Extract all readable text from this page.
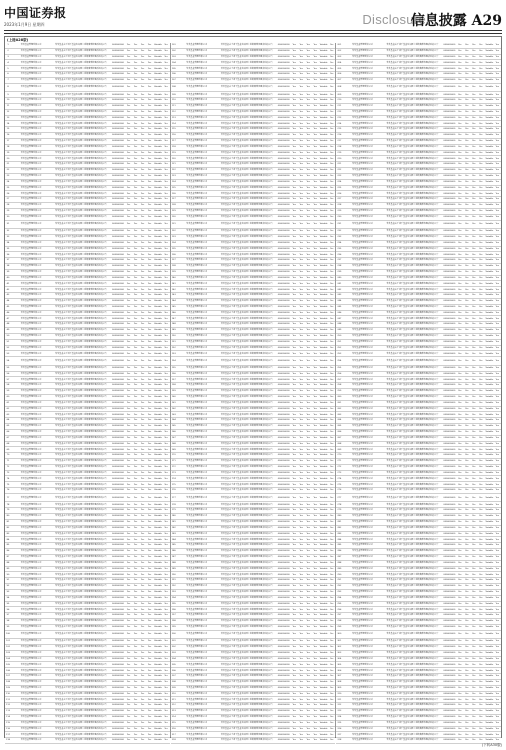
中国证券报
2023年1月9日 星期四	Disclosure
信息披露 A29
(上接A28版)
1	某某基金管理有限公司	某某基金关于旗下基金参加网上直销费率优惠活动的公告	000000000	Yes	Yes	Yes	Yes	Votable	Yes
2	某某基金管理有限公司	某某基金关于旗下基金参加网上直销费率优惠活动的公告	000000000	Yes	Yes	Yes	Yes	Votable	Yes
3	某某基金管理有限公司	某某基金关于旗下基金参加网上直销费率优惠活动的公告	000000000	Yes	Yes	Yes	Yes	Votable	Yes
4	某某基金管理有限公司	某某基金关于旗下基金参加网上直销费率优惠活动的公告	000000000	Yes	Yes	Yes	Yes	Votable	Yes
5	某某基金管理有限公司	某某基金关于旗下基金参加网上直销费率优惠活动的公告	000000000	Yes	Yes	Yes	Yes	Votable	Yes
6	某某基金管理有限公司	某某基金关于旗下基金参加网上直销费率优惠活动的公告	000000000	Yes	Yes	Yes	Yes	Votable	Yes
7	某某基金管理有限公司	某某基金关于旗下基金参加网上直销费率优惠活动的公告	000000000	Yes	Yes	Yes	Yes	Votable	Yes
8	某某基金管理有限公司	某某基金关于旗下基金参加网上直销费率优惠活动的公告	000000000	Yes	Yes	Yes	Yes	Votable	Yes
9	某某基金管理有限公司	某某基金关于旗下基金参加网上直销费率优惠活动的公告	000000000	Yes	Yes	Yes	Yes	Votable	Yes
10	某某基金管理有限公司	某某基金关于旗下基金参加网上直销费率优惠活动的公告	000000000	Yes	Yes	Yes	Yes	Votable	Yes
11	某某基金管理有限公司	某某基金关于旗下基金参加网上直销费率优惠活动的公告	000000000	Yes	Yes	Yes	Yes	Votable	Yes
12	某某基金管理有限公司	某某基金关于旗下基金参加网上直销费率优惠活动的公告	000000000	Yes	Yes	Yes	Yes	Votable	Yes
13	某某基金管理有限公司	某某基金关于旗下基金参加网上直销费率优惠活动的公告	000000000	Yes	Yes	Yes	Yes	Votable	Yes
14	某某基金管理有限公司	某某基金关于旗下基金参加网上直销费率优惠活动的公告	000000000	Yes	Yes	Yes	Yes	Votable	Yes
15	某某基金管理有限公司	某某基金关于旗下基金参加网上直销费率优惠活动的公告	000000000	Yes	Yes	Yes	Yes	Votable	Yes
16	某某基金管理有限公司	某某基金关于旗下基金参加网上直销费率优惠活动的公告	000000000	Yes	Yes	Yes	Yes	Votable	Yes
17	某某基金管理有限公司	某某基金关于旗下基金参加网上直销费率优惠活动的公告	000000000	Yes	Yes	Yes	Yes	Votable	Yes
18	某某基金管理有限公司	某某基金关于旗下基金参加网上直销费率优惠活动的公告	000000000	Yes	Yes	Yes	Yes	Votable	Yes
19	某某基金管理有限公司	某某基金关于旗下基金参加网上直销费率优惠活动的公告	000000000	Yes	Yes	Yes	Yes	Votable	Yes
20	某某基金管理有限公司	某某基金关于旗下基金参加网上直销费率优惠活动的公告	000000000	Yes	Yes	Yes	Yes	Votable	Yes
21	某某基金管理有限公司	某某基金关于旗下基金参加网上直销费率优惠活动的公告	000000000	Yes	Yes	Yes	Yes	Votable	Yes
22	某某基金管理有限公司	某某基金关于旗下基金参加网上直销费率优惠活动的公告	000000000	Yes	Yes	Yes	Yes	Votable	Yes
23	某某基金管理有限公司	某某基金关于旗下基金参加网上直销费率优惠活动的公告	000000000	Yes	Yes	Yes	Yes	Votable	Yes
24	某某基金管理有限公司	某某基金关于旗下基金参加网上直销费率优惠活动的公告	000000000	Yes	Yes	Yes	Yes	Votable	Yes
25	某某基金管理有限公司	某某基金关于旗下基金参加网上直销费率优惠活动的公告	000000000	Yes	Yes	Yes	Yes	Votable	Yes
26	某某基金管理有限公司	某某基金关于旗下基金参加网上直销费率优惠活动的公告	000000000	Yes	Yes	Yes	Yes	Votable	Yes
27	某某基金管理有限公司	某某基金关于旗下基金参加网上直销费率优惠活动的公告	000000000	Yes	Yes	Yes	Yes	Votable	Yes
28	某某基金管理有限公司	某某基金关于旗下基金参加网上直销费率优惠活动的公告	000000000	Yes	Yes	Yes	Yes	Votable	Yes
29	某某基金管理有限公司	某某基金关于旗下基金参加网上直销费率优惠活动的公告	000000000	Yes	Yes	Yes	Yes	Votable	Yes
30	某某基金管理有限公司	某某基金关于旗下基金参加网上直销费率优惠活动的公告	000000000	Yes	Yes	Yes	Yes	Votable	Yes
31	某某基金管理有限公司	某某基金关于旗下基金参加网上直销费率优惠活动的公告	000000000	Yes	Yes	Yes	Yes	Votable	Yes
32	某某基金管理有限公司	某某基金关于旗下基金参加网上直销费率优惠活动的公告	000000000	Yes	Yes	Yes	Yes	Votable	Yes
33	某某基金管理有限公司	某某基金关于旗下基金参加网上直销费率优惠活动的公告	000000000	Yes	Yes	Yes	Yes	Votable	Yes
34	某某基金管理有限公司	某某基金关于旗下基金参加网上直销费率优惠活动的公告	000000000	Yes	Yes	Yes	Yes	Votable	Yes
35	某某基金管理有限公司	某某基金关于旗下基金参加网上直销费率优惠活动的公告	000000000	Yes	Yes	Yes	Yes	Votable	Yes
36	某某基金管理有限公司	某某基金关于旗下基金参加网上直销费率优惠活动的公告	000000000	Yes	Yes	Yes	Yes	Votable	Yes
37	某某基金管理有限公司	某某基金关于旗下基金参加网上直销费率优惠活动的公告	000000000	Yes	Yes	Yes	Yes	Votable	Yes
38	某某基金管理有限公司	某某基金关于旗下基金参加网上直销费率优惠活动的公告	000000000	Yes	Yes	Yes	Yes	Votable	Yes
39	某某基金管理有限公司	某某基金关于旗下基金参加网上直销费率优惠活动的公告	000000000	Yes	Yes	Yes	Yes	Votable	Yes
40	某某基金管理有限公司	某某基金关于旗下基金参加网上直销费率优惠活动的公告	000000000	Yes	Yes	Yes	Yes	Votable	Yes
41	某某基金管理有限公司	某某基金关于旗下基金参加网上直销费率优惠活动的公告	000000000	Yes	Yes	Yes	Yes	Votable	Yes
42	某某基金管理有限公司	某某基金关于旗下基金参加网上直销费率优惠活动的公告	000000000	Yes	Yes	Yes	Yes	Votable	Yes
43	某某基金管理有限公司	某某基金关于旗下基金参加网上直销费率优惠活动的公告	000000000	Yes	Yes	Yes	Yes	Votable	Yes
44	某某基金管理有限公司	某某基金关于旗下基金参加网上直销费率优惠活动的公告	000000000	Yes	Yes	Yes	Yes	Votable	Yes
45	某某基金管理有限公司	某某基金关于旗下基金参加网上直销费率优惠活动的公告	000000000	Yes	Yes	Yes	Yes	Votable	Yes
46	某某基金管理有限公司	某某基金关于旗下基金参加网上直销费率优惠活动的公告	000000000	Yes	Yes	Yes	Yes	Votable	Yes
47	某某基金管理有限公司	某某基金关于旗下基金参加网上直销费率优惠活动的公告	000000000	Yes	Yes	Yes	Yes	Votable	Yes
48	某某基金管理有限公司	某某基金关于旗下基金参加网上直销费率优惠活动的公告	000000000	Yes	Yes	Yes	Yes	Votable	Yes
49	某某基金管理有限公司	某某基金关于旗下基金参加网上直销费率优惠活动的公告	000000000	Yes	Yes	Yes	Yes	Votable	Yes
50	某某基金管理有限公司	某某基金关于旗下基金参加网上直销费率优惠活动的公告	000000000	Yes	Yes	Yes	Yes	Votable	Yes
51	某某基金管理有限公司	某某基金关于旗下基金参加网上直销费率优惠活动的公告	000000000	Yes	Yes	Yes	Yes	Votable	Yes
52	某某基金管理有限公司	某某基金关于旗下基金参加网上直销费率优惠活动的公告	000000000	Yes	Yes	Yes	Yes	Votable	Yes
53	某某基金管理有限公司	某某基金关于旗下基金参加网上直销费率优惠活动的公告	000000000	Yes	Yes	Yes	Yes	Votable	Yes
54	某某基金管理有限公司	某某基金关于旗下基金参加网上直销费率优惠活动的公告	000000000	Yes	Yes	Yes	Yes	Votable	Yes
55	某某基金管理有限公司	某某基金关于旗下基金参加网上直销费率优惠活动的公告	000000000	Yes	Yes	Yes	Yes	Votable	Yes
56	某某基金管理有限公司	某某基金关于旗下基金参加网上直销费率优惠活动的公告	000000000	Yes	Yes	Yes	Yes	Votable	Yes
57	某某基金管理有限公司	某某基金关于旗下基金参加网上直销费率优惠活动的公告	000000000	Yes	Yes	Yes	Yes	Votable	Yes
58	某某基金管理有限公司	某某基金关于旗下基金参加网上直销费率优惠活动的公告	000000000	Yes	Yes	Yes	Yes	Votable	Yes
59	某某基金管理有限公司	某某基金关于旗下基金参加网上直销费率优惠活动的公告	000000000	Yes	Yes	Yes	Yes	Votable	Yes
60	某某基金管理有限公司	某某基金关于旗下基金参加网上直销费率优惠活动的公告	000000000	Yes	Yes	Yes	Yes	Votable	Yes
61	某某基金管理有限公司	某某基金关于旗下基金参加网上直销费率优惠活动的公告	000000000	Yes	Yes	Yes	Yes	Votable	Yes
62	某某基金管理有限公司	某某基金关于旗下基金参加网上直销费率优惠活动的公告	000000000	Yes	Yes	Yes	Yes	Votable	Yes
63	某某基金管理有限公司	某某基金关于旗下基金参加网上直销费率优惠活动的公告	000000000	Yes	Yes	Yes	Yes	Votable	Yes
64	某某基金管理有限公司	某某基金关于旗下基金参加网上直销费率优惠活动的公告	000000000	Yes	Yes	Yes	Yes	Votable	Yes
65	某某基金管理有限公司	某某基金关于旗下基金参加网上直销费率优惠活动的公告	000000000	Yes	Yes	Yes	Yes	Votable	Yes
66	某某基金管理有限公司	某某基金关于旗下基金参加网上直销费率优惠活动的公告	000000000	Yes	Yes	Yes	Yes	Votable	Yes
67	某某基金管理有限公司	某某基金关于旗下基金参加网上直销费率优惠活动的公告	000000000	Yes	Yes	Yes	Yes	Votable	Yes
68	某某基金管理有限公司	某某基金关于旗下基金参加网上直销费率优惠活动的公告	000000000	Yes	Yes	Yes	Yes	Votable	Yes
69	某某基金管理有限公司	某某基金关于旗下基金参加网上直销费率优惠活动的公告	000000000	Yes	Yes	Yes	Yes	Votable	Yes
70	某某基金管理有限公司	某某基金关于旗下基金参加网上直销费率优惠活动的公告	000000000	Yes	Yes	Yes	Yes	Votable	Yes
71	某某基金管理有限公司	某某基金关于旗下基金参加网上直销费率优惠活动的公告	000000000	Yes	Yes	Yes	Yes	Votable	Yes
72	某某基金管理有限公司	某某基金关于旗下基金参加网上直销费率优惠活动的公告	000000000	Yes	Yes	Yes	Yes	Votable	Yes
73	某某基金管理有限公司	某某基金关于旗下基金参加网上直销费率优惠活动的公告	000000000	Yes	Yes	Yes	Yes	Votable	Yes
74	某某基金管理有限公司	某某基金关于旗下基金参加网上直销费率优惠活动的公告	000000000	Yes	Yes	Yes	Yes	Votable	Yes
75	某某基金管理有限公司	某某基金关于旗下基金参加网上直销费率优惠活动的公告	000000000	Yes	Yes	Yes	Yes	Votable	Yes
76	某某基金管理有限公司	某某基金关于旗下基金参加网上直销费率优惠活动的公告	000000000	Yes	Yes	Yes	Yes	Votable	Yes
77	某某基金管理有限公司	某某基金关于旗下基金参加网上直销费率优惠活动的公告	000000000	Yes	Yes	Yes	Yes	Votable	Yes
78	某某基金管理有限公司	某某基金关于旗下基金参加网上直销费率优惠活动的公告	000000000	Yes	Yes	Yes	Yes	Votable	Yes
79	某某基金管理有限公司	某某基金关于旗下基金参加网上直销费率优惠活动的公告	000000000	Yes	Yes	Yes	Yes	Votable	Yes
80	某某基金管理有限公司	某某基金关于旗下基金参加网上直销费率优惠活动的公告	000000000	Yes	Yes	Yes	Yes	Votable	Yes
81	某某基金管理有限公司	某某基金关于旗下基金参加网上直销费率优惠活动的公告	000000000	Yes	Yes	Yes	Yes	Votable	Yes
82	某某基金管理有限公司	某某基金关于旗下基金参加网上直销费率优惠活动的公告	000000000	Yes	Yes	Yes	Yes	Votable	Yes
83	某某基金管理有限公司	某某基金关于旗下基金参加网上直销费率优惠活动的公告	000000000	Yes	Yes	Yes	Yes	Votable	Yes
84	某某基金管理有限公司	某某基金关于旗下基金参加网上直销费率优惠活动的公告	000000000	Yes	Yes	Yes	Yes	Votable	Yes
85	某某基金管理有限公司	某某基金关于旗下基金参加网上直销费率优惠活动的公告	000000000	Yes	Yes	Yes	Yes	Votable	Yes
86	某某基金管理有限公司	某某基金关于旗下基金参加网上直销费率优惠活动的公告	000000000	Yes	Yes	Yes	Yes	Votable	Yes
87	某某基金管理有限公司	某某基金关于旗下基金参加网上直销费率优惠活动的公告	000000000	Yes	Yes	Yes	Yes	Votable	Yes
88	某某基金管理有限公司	某某基金关于旗下基金参加网上直销费率优惠活动的公告	000000000	Yes	Yes	Yes	Yes	Votable	Yes
89	某某基金管理有限公司	某某基金关于旗下基金参加网上直销费率优惠活动的公告	000000000	Yes	Yes	Yes	Yes	Votable	Yes
90	某某基金管理有限公司	某某基金关于旗下基金参加网上直销费率优惠活动的公告	000000000	Yes	Yes	Yes	Yes	Votable	Yes
91	某某基金管理有限公司	某某基金关于旗下基金参加网上直销费率优惠活动的公告	000000000	Yes	Yes	Yes	Yes	Votable	Yes
92	某某基金管理有限公司	某某基金关于旗下基金参加网上直销费率优惠活动的公告	000000000	Yes	Yes	Yes	Yes	Votable	Yes
93	某某基金管理有限公司	某某基金关于旗下基金参加网上直销费率优惠活动的公告	000000000	Yes	Yes	Yes	Yes	Votable	Yes
94	某某基金管理有限公司	某某基金关于旗下基金参加网上直销费率优惠活动的公告	000000000	Yes	Yes	Yes	Yes	Votable	Yes
95	某某基金管理有限公司	某某基金关于旗下基金参加网上直销费率优惠活动的公告	000000000	Yes	Yes	Yes	Yes	Votable	Yes
96	某某基金管理有限公司	某某基金关于旗下基金参加网上直销费率优惠活动的公告	000000000	Yes	Yes	Yes	Yes	Votable	Yes
97	某某基金管理有限公司	某某基金关于旗下基金参加网上直销费率优惠活动的公告	000000000	Yes	Yes	Yes	Yes	Votable	Yes
98	某某基金管理有限公司	某某基金关于旗下基金参加网上直销费率优惠活动的公告	000000000	Yes	Yes	Yes	Yes	Votable	Yes
99	某某基金管理有限公司	某某基金关于旗下基金参加网上直销费率优惠活动的公告	000000000	Yes	Yes	Yes	Yes	Votable	Yes
100	某某基金管理有限公司	某某基金关于旗下基金参加网上直销费率优惠活动的公告	000000000	Yes	Yes	Yes	Yes	Votable	Yes
101	某某基金管理有限公司	某某基金关于旗下基金参加网上直销费率优惠活动的公告	000000000	Yes	Yes	Yes	Yes	Votable	Yes
102	某某基金管理有限公司	某某基金关于旗下基金参加网上直销费率优惠活动的公告	000000000	Yes	Yes	Yes	Yes	Votable	Yes
103	某某基金管理有限公司	某某基金关于旗下基金参加网上直销费率优惠活动的公告	000000000	Yes	Yes	Yes	Yes	Votable	Yes
104	某某基金管理有限公司	某某基金关于旗下基金参加网上直销费率优惠活动的公告	000000000	Yes	Yes	Yes	Yes	Votable	Yes
105	某某基金管理有限公司	某某基金关于旗下基金参加网上直销费率优惠活动的公告	000000000	Yes	Yes	Yes	Yes	Votable	Yes
106	某某基金管理有限公司	某某基金关于旗下基金参加网上直销费率优惠活动的公告	000000000	Yes	Yes	Yes	Yes	Votable	Yes
107	某某基金管理有限公司	某某基金关于旗下基金参加网上直销费率优惠活动的公告	000000000	Yes	Yes	Yes	Yes	Votable	Yes
108	某某基金管理有限公司	某某基金关于旗下基金参加网上直销费率优惠活动的公告	000000000	Yes	Yes	Yes	Yes	Votable	Yes
109	某某基金管理有限公司	某某基金关于旗下基金参加网上直销费率优惠活动的公告	000000000	Yes	Yes	Yes	Yes	Votable	Yes
110	某某基金管理有限公司	某某基金关于旗下基金参加网上直销费率优惠活动的公告	000000000	Yes	Yes	Yes	Yes	Votable	Yes
111	某某基金管理有限公司	某某基金关于旗下基金参加网上直销费率优惠活动的公告	000000000	Yes	Yes	Yes	Yes	Votable	Yes
112	某某基金管理有限公司	某某基金关于旗下基金参加网上直销费率优惠活动的公告	000000000	Yes	Yes	Yes	Yes	Votable	Yes
113	某某基金管理有限公司	某某基金关于旗下基金参加网上直销费率优惠活动的公告	000000000	Yes	Yes	Yes	Yes	Votable	Yes
114	某某基金管理有限公司	某某基金关于旗下基金参加网上直销费率优惠活动的公告	000000000	Yes	Yes	Yes	Yes	Votable	Yes
115	某某基金管理有限公司	某某基金关于旗下基金参加网上直销费率优惠活动的公告	000000000	Yes	Yes	Yes	Yes	Votable	Yes
116	某某基金管理有限公司	某某基金关于旗下基金参加网上直销费率优惠活动的公告	000000000	Yes	Yes	Yes	Yes	Votable	Yes
117	某某基金管理有限公司	某某基金关于旗下基金参加网上直销费率优惠活动的公告	000000000	Yes	Yes	Yes	Yes	Votable	Yes
118	某某基金管理有限公司	某某基金关于旗下基金参加网上直销费率优惠活动的公告	000000000	Yes	Yes	Yes	Yes	Votable	Yes
101	某某基金管理有限公司	某某基金关于旗下基金参加网上直销费率优惠活动的公告	000000000	Yes	Yes	Yes	Yes	Votable	Yes
102	某某基金管理有限公司	某某基金关于旗下基金参加网上直销费率优惠活动的公告	000000000	Yes	Yes	Yes	Yes	Votable	Yes
103	某某基金管理有限公司	某某基金关于旗下基金参加网上直销费率优惠活动的公告	000000000	Yes	Yes	Yes	Yes	Votable	Yes
104	某某基金管理有限公司	某某基金关于旗下基金参加网上直销费率优惠活动的公告	000000000	Yes	Yes	Yes	Yes	Votable	Yes
105	某某基金管理有限公司	某某基金关于旗下基金参加网上直销费率优惠活动的公告	000000000	Yes	Yes	Yes	Yes	Votable	Yes
106	某某基金管理有限公司	某某基金关于旗下基金参加网上直销费率优惠活动的公告	000000000	Yes	Yes	Yes	Yes	Votable	Yes
107	某某基金管理有限公司	某某基金关于旗下基金参加网上直销费率优惠活动的公告	000000000	Yes	Yes	Yes	Yes	Votable	Yes
108	某某基金管理有限公司	某某基金关于旗下基金参加网上直销费率优惠活动的公告	000000000	Yes	Yes	Yes	Yes	Votable	Yes
109	某某基金管理有限公司	某某基金关于旗下基金参加网上直销费率优惠活动的公告	000000000	Yes	Yes	Yes	Yes	Votable	Yes
110	某某基金管理有限公司	某某基金关于旗下基金参加网上直销费率优惠活动的公告	000000000	Yes	Yes	Yes	Yes	Votable	Yes
111	某某基金管理有限公司	某某基金关于旗下基金参加网上直销费率优惠活动的公告	000000000	Yes	Yes	Yes	Yes	Votable	Yes
112	某某基金管理有限公司	某某基金关于旗下基金参加网上直销费率优惠活动的公告	000000000	Yes	Yes	Yes	Yes	Votable	Yes
113	某某基金管理有限公司	某某基金关于旗下基金参加网上直销费率优惠活动的公告	000000000	Yes	Yes	Yes	Yes	Votable	Yes
114	某某基金管理有限公司	某某基金关于旗下基金参加网上直销费率优惠活动的公告	000000000	Yes	Yes	Yes	Yes	Votable	Yes
115	某某基金管理有限公司	某某基金关于旗下基金参加网上直销费率优惠活动的公告	000000000	Yes	Yes	Yes	Yes	Votable	Yes
116	某某基金管理有限公司	某某基金关于旗下基金参加网上直销费率优惠活动的公告	000000000	Yes	Yes	Yes	Yes	Votable	Yes
117	某某基金管理有限公司	某某基金关于旗下基金参加网上直销费率优惠活动的公告	000000000	Yes	Yes	Yes	Yes	Votable	Yes
118	某某基金管理有限公司	某某基金关于旗下基金参加网上直销费率优惠活动的公告	000000000	Yes	Yes	Yes	Yes	Votable	Yes
119	某某基金管理有限公司	某某基金关于旗下基金参加网上直销费率优惠活动的公告	000000000	Yes	Yes	Yes	Yes	Votable	Yes
120	某某基金管理有限公司	某某基金关于旗下基金参加网上直销费率优惠活动的公告	000000000	Yes	Yes	Yes	Yes	Votable	Yes
121	某某基金管理有限公司	某某基金关于旗下基金参加网上直销费率优惠活动的公告	000000000	Yes	Yes	Yes	Yes	Votable	Yes
122	某某基金管理有限公司	某某基金关于旗下基金参加网上直销费率优惠活动的公告	000000000	Yes	Yes	Yes	Yes	Votable	Yes
123	某某基金管理有限公司	某某基金关于旗下基金参加网上直销费率优惠活动的公告	000000000	Yes	Yes	Yes	Yes	Votable	Yes
124	某某基金管理有限公司	某某基金关于旗下基金参加网上直销费率优惠活动的公告	000000000	Yes	Yes	Yes	Yes	Votable	Yes
125	某某基金管理有限公司	某某基金关于旗下基金参加网上直销费率优惠活动的公告	000000000	Yes	Yes	Yes	Yes	Votable	Yes
126	某某基金管理有限公司	某某基金关于旗下基金参加网上直销费率优惠活动的公告	000000000	Yes	Yes	Yes	Yes	Votable	Yes
127	某某基金管理有限公司	某某基金关于旗下基金参加网上直销费率优惠活动的公告	000000000	Yes	Yes	Yes	Yes	Votable	Yes
128	某某基金管理有限公司	某某基金关于旗下基金参加网上直销费率优惠活动的公告	000000000	Yes	Yes	Yes	Yes	Votable	Yes
129	某某基金管理有限公司	某某基金关于旗下基金参加网上直销费率优惠活动的公告	000000000	Yes	Yes	Yes	Yes	Votable	Yes
130	某某基金管理有限公司	某某基金关于旗下基金参加网上直销费率优惠活动的公告	000000000	Yes	Yes	Yes	Yes	Votable	Yes
131	某某基金管理有限公司	某某基金关于旗下基金参加网上直销费率优惠活动的公告	000000000	Yes	Yes	Yes	Yes	Votable	Yes
132	某某基金管理有限公司	某某基金关于旗下基金参加网上直销费率优惠活动的公告	000000000	Yes	Yes	Yes	Yes	Votable	Yes
133	某某基金管理有限公司	某某基金关于旗下基金参加网上直销费率优惠活动的公告	000000000	Yes	Yes	Yes	Yes	Votable	Yes
134	某某基金管理有限公司	某某基金关于旗下基金参加网上直销费率优惠活动的公告	000000000	Yes	Yes	Yes	Yes	Votable	Yes
135	某某基金管理有限公司	某某基金关于旗下基金参加网上直销费率优惠活动的公告	000000000	Yes	Yes	Yes	Yes	Votable	Yes
136	某某基金管理有限公司	某某基金关于旗下基金参加网上直销费率优惠活动的公告	000000000	Yes	Yes	Yes	Yes	Votable	Yes
137	某某基金管理有限公司	某某基金关于旗下基金参加网上直销费率优惠活动的公告	000000000	Yes	Yes	Yes	Yes	Votable	Yes
138	某某基金管理有限公司	某某基金关于旗下基金参加网上直销费率优惠活动的公告	000000000	Yes	Yes	Yes	Yes	Votable	Yes
139	某某基金管理有限公司	某某基金关于旗下基金参加网上直销费率优惠活动的公告	000000000	Yes	Yes	Yes	Yes	Votable	Yes
140	某某基金管理有限公司	某某基金关于旗下基金参加网上直销费率优惠活动的公告	000000000	Yes	Yes	Yes	Yes	Votable	Yes
141	某某基金管理有限公司	某某基金关于旗下基金参加网上直销费率优惠活动的公告	000000000	Yes	Yes	Yes	Yes	Votable	Yes
142	某某基金管理有限公司	某某基金关于旗下基金参加网上直销费率优惠活动的公告	000000000	Yes	Yes	Yes	Yes	Votable	Yes
143	某某基金管理有限公司	某某基金关于旗下基金参加网上直销费率优惠活动的公告	000000000	Yes	Yes	Yes	Yes	Votable	Yes
144	某某基金管理有限公司	某某基金关于旗下基金参加网上直销费率优惠活动的公告	000000000	Yes	Yes	Yes	Yes	Votable	Yes
145	某某基金管理有限公司	某某基金关于旗下基金参加网上直销费率优惠活动的公告	000000000	Yes	Yes	Yes	Yes	Votable	Yes
146	某某基金管理有限公司	某某基金关于旗下基金参加网上直销费率优惠活动的公告	000000000	Yes	Yes	Yes	Yes	Votable	Yes
147	某某基金管理有限公司	某某基金关于旗下基金参加网上直销费率优惠活动的公告	000000000	Yes	Yes	Yes	Yes	Votable	Yes
148	某某基金管理有限公司	某某基金关于旗下基金参加网上直销费率优惠活动的公告	000000000	Yes	Yes	Yes	Yes	Votable	Yes
149	某某基金管理有限公司	某某基金关于旗下基金参加网上直销费率优惠活动的公告	000000000	Yes	Yes	Yes	Yes	Votable	Yes
150	某某基金管理有限公司	某某基金关于旗下基金参加网上直销费率优惠活动的公告	000000000	Yes	Yes	Yes	Yes	Votable	Yes
151	某某基金管理有限公司	某某基金关于旗下基金参加网上直销费率优惠活动的公告	000000000	Yes	Yes	Yes	Yes	Votable	Yes
152	某某基金管理有限公司	某某基金关于旗下基金参加网上直销费率优惠活动的公告	000000000	Yes	Yes	Yes	Yes	Votable	Yes
153	某某基金管理有限公司	某某基金关于旗下基金参加网上直销费率优惠活动的公告	000000000	Yes	Yes	Yes	Yes	Votable	Yes
154	某某基金管理有限公司	某某基金关于旗下基金参加网上直销费率优惠活动的公告	000000000	Yes	Yes	Yes	Yes	Votable	Yes
155	某某基金管理有限公司	某某基金关于旗下基金参加网上直销费率优惠活动的公告	000000000	Yes	Yes	Yes	Yes	Votable	Yes
156	某某基金管理有限公司	某某基金关于旗下基金参加网上直销费率优惠活动的公告	000000000	Yes	Yes	Yes	Yes	Votable	Yes
157	某某基金管理有限公司	某某基金关于旗下基金参加网上直销费率优惠活动的公告	000000000	Yes	Yes	Yes	Yes	Votable	Yes
158	某某基金管理有限公司	某某基金关于旗下基金参加网上直销费率优惠活动的公告	000000000	Yes	Yes	Yes	Yes	Votable	Yes
159	某某基金管理有限公司	某某基金关于旗下基金参加网上直销费率优惠活动的公告	000000000	Yes	Yes	Yes	Yes	Votable	Yes
160	某某基金管理有限公司	某某基金关于旗下基金参加网上直销费率优惠活动的公告	000000000	Yes	Yes	Yes	Yes	Votable	Yes
161	某某基金管理有限公司	某某基金关于旗下基金参加网上直销费率优惠活动的公告	000000000	Yes	Yes	Yes	Yes	Votable	Yes
162	某某基金管理有限公司	某某基金关于旗下基金参加网上直销费率优惠活动的公告	000000000	Yes	Yes	Yes	Yes	Votable	Yes
163	某某基金管理有限公司	某某基金关于旗下基金参加网上直销费率优惠活动的公告	000000000	Yes	Yes	Yes	Yes	Votable	Yes
164	某某基金管理有限公司	某某基金关于旗下基金参加网上直销费率优惠活动的公告	000000000	Yes	Yes	Yes	Yes	Votable	Yes
165	某某基金管理有限公司	某某基金关于旗下基金参加网上直销费率优惠活动的公告	000000000	Yes	Yes	Yes	Yes	Votable	Yes
166	某某基金管理有限公司	某某基金关于旗下基金参加网上直销费率优惠活动的公告	000000000	Yes	Yes	Yes	Yes	Votable	Yes
167	某某基金管理有限公司	某某基金关于旗下基金参加网上直销费率优惠活动的公告	000000000	Yes	Yes	Yes	Yes	Votable	Yes
168	某某基金管理有限公司	某某基金关于旗下基金参加网上直销费率优惠活动的公告	000000000	Yes	Yes	Yes	Yes	Votable	Yes
169	某某基金管理有限公司	某某基金关于旗下基金参加网上直销费率优惠活动的公告	000000000	Yes	Yes	Yes	Yes	Votable	Yes
170	某某基金管理有限公司	某某基金关于旗下基金参加网上直销费率优惠活动的公告	000000000	Yes	Yes	Yes	Yes	Votable	Yes
171	某某基金管理有限公司	某某基金关于旗下基金参加网上直销费率优惠活动的公告	000000000	Yes	Yes	Yes	Yes	Votable	Yes
172	某某基金管理有限公司	某某基金关于旗下基金参加网上直销费率优惠活动的公告	000000000	Yes	Yes	Yes	Yes	Votable	Yes
173	某某基金管理有限公司	某某基金关于旗下基金参加网上直销费率优惠活动的公告	000000000	Yes	Yes	Yes	Yes	Votable	Yes
174	某某基金管理有限公司	某某基金关于旗下基金参加网上直销费率优惠活动的公告	000000000	Yes	Yes	Yes	Yes	Votable	Yes
175	某某基金管理有限公司	某某基金关于旗下基金参加网上直销费率优惠活动的公告	000000000	Yes	Yes	Yes	Yes	Votable	Yes
176	某某基金管理有限公司	某某基金关于旗下基金参加网上直销费率优惠活动的公告	000000000	Yes	Yes	Yes	Yes	Votable	Yes
177	某某基金管理有限公司	某某基金关于旗下基金参加网上直销费率优惠活动的公告	000000000	Yes	Yes	Yes	Yes	Votable	Yes
178	某某基金管理有限公司	某某基金关于旗下基金参加网上直销费率优惠活动的公告	000000000	Yes	Yes	Yes	Yes	Votable	Yes
179	某某基金管理有限公司	某某基金关于旗下基金参加网上直销费率优惠活动的公告	000000000	Yes	Yes	Yes	Yes	Votable	Yes
180	某某基金管理有限公司	某某基金关于旗下基金参加网上直销费率优惠活动的公告	000000000	Yes	Yes	Yes	Yes	Votable	Yes
181	某某基金管理有限公司	某某基金关于旗下基金参加网上直销费率优惠活动的公告	000000000	Yes	Yes	Yes	Yes	Votable	Yes
182	某某基金管理有限公司	某某基金关于旗下基金参加网上直销费率优惠活动的公告	000000000	Yes	Yes	Yes	Yes	Votable	Yes
183	某某基金管理有限公司	某某基金关于旗下基金参加网上直销费率优惠活动的公告	000000000	Yes	Yes	Yes	Yes	Votable	Yes
184	某某基金管理有限公司	某某基金关于旗下基金参加网上直销费率优惠活动的公告	000000000	Yes	Yes	Yes	Yes	Votable	Yes
185	某某基金管理有限公司	某某基金关于旗下基金参加网上直销费率优惠活动的公告	000000000	Yes	Yes	Yes	Yes	Votable	Yes
186	某某基金管理有限公司	某某基金关于旗下基金参加网上直销费率优惠活动的公告	000000000	Yes	Yes	Yes	Yes	Votable	Yes
187	某某基金管理有限公司	某某基金关于旗下基金参加网上直销费率优惠活动的公告	000000000	Yes	Yes	Yes	Yes	Votable	Yes
188	某某基金管理有限公司	某某基金关于旗下基金参加网上直销费率优惠活动的公告	000000000	Yes	Yes	Yes	Yes	Votable	Yes
189	某某基金管理有限公司	某某基金关于旗下基金参加网上直销费率优惠活动的公告	000000000	Yes	Yes	Yes	Yes	Votable	Yes
190	某某基金管理有限公司	某某基金关于旗下基金参加网上直销费率优惠活动的公告	000000000	Yes	Yes	Yes	Yes	Votable	Yes
191	某某基金管理有限公司	某某基金关于旗下基金参加网上直销费率优惠活动的公告	000000000	Yes	Yes	Yes	Yes	Votable	Yes
192	某某基金管理有限公司	某某基金关于旗下基金参加网上直销费率优惠活动的公告	000000000	Yes	Yes	Yes	Yes	Votable	Yes
193	某某基金管理有限公司	某某基金关于旗下基金参加网上直销费率优惠活动的公告	000000000	Yes	Yes	Yes	Yes	Votable	Yes
194	某某基金管理有限公司	某某基金关于旗下基金参加网上直销费率优惠活动的公告	000000000	Yes	Yes	Yes	Yes	Votable	Yes
195	某某基金管理有限公司	某某基金关于旗下基金参加网上直销费率优惠活动的公告	000000000	Yes	Yes	Yes	Yes	Votable	Yes
196	某某基金管理有限公司	某某基金关于旗下基金参加网上直销费率优惠活动的公告	000000000	Yes	Yes	Yes	Yes	Votable	Yes
197	某某基金管理有限公司	某某基金关于旗下基金参加网上直销费率优惠活动的公告	000000000	Yes	Yes	Yes	Yes	Votable	Yes
198	某某基金管理有限公司	某某基金关于旗下基金参加网上直销费率优惠活动的公告	000000000	Yes	Yes	Yes	Yes	Votable	Yes
199	某某基金管理有限公司	某某基金关于旗下基金参加网上直销费率优惠活动的公告	000000000	Yes	Yes	Yes	Yes	Votable	Yes
200	某某基金管理有限公司	某某基金关于旗下基金参加网上直销费率优惠活动的公告	000000000	Yes	Yes	Yes	Yes	Votable	Yes
201	某某基金管理有限公司	某某基金关于旗下基金参加网上直销费率优惠活动的公告	000000000	Yes	Yes	Yes	Yes	Votable	Yes
202	某某基金管理有限公司	某某基金关于旗下基金参加网上直销费率优惠活动的公告	000000000	Yes	Yes	Yes	Yes	Votable	Yes
203	某某基金管理有限公司	某某基金关于旗下基金参加网上直销费率优惠活动的公告	000000000	Yes	Yes	Yes	Yes	Votable	Yes
204	某某基金管理有限公司	某某基金关于旗下基金参加网上直销费率优惠活动的公告	000000000	Yes	Yes	Yes	Yes	Votable	Yes
205	某某基金管理有限公司	某某基金关于旗下基金参加网上直销费率优惠活动的公告	000000000	Yes	Yes	Yes	Yes	Votable	Yes
206	某某基金管理有限公司	某某基金关于旗下基金参加网上直销费率优惠活动的公告	000000000	Yes	Yes	Yes	Yes	Votable	Yes
207	某某基金管理有限公司	某某基金关于旗下基金参加网上直销费率优惠活动的公告	000000000	Yes	Yes	Yes	Yes	Votable	Yes
208	某某基金管理有限公司	某某基金关于旗下基金参加网上直销费率优惠活动的公告	000000000	Yes	Yes	Yes	Yes	Votable	Yes
209	某某基金管理有限公司	某某基金关于旗下基金参加网上直销费率优惠活动的公告	000000000	Yes	Yes	Yes	Yes	Votable	Yes
210	某某基金管理有限公司	某某基金关于旗下基金参加网上直销费率优惠活动的公告	000000000	Yes	Yes	Yes	Yes	Votable	Yes
211	某某基金管理有限公司	某某基金关于旗下基金参加网上直销费率优惠活动的公告	000000000	Yes	Yes	Yes	Yes	Votable	Yes
212	某某基金管理有限公司	某某基金关于旗下基金参加网上直销费率优惠活动的公告	000000000	Yes	Yes	Yes	Yes	Votable	Yes
213	某某基金管理有限公司	某某基金关于旗下基金参加网上直销费率优惠活动的公告	000000000	Yes	Yes	Yes	Yes	Votable	Yes
214	某某基金管理有限公司	某某基金关于旗下基金参加网上直销费率优惠活动的公告	000000000	Yes	Yes	Yes	Yes	Votable	Yes
215	某某基金管理有限公司	某某基金关于旗下基金参加网上直销费率优惠活动的公告	000000000	Yes	Yes	Yes	Yes	Votable	Yes
216	某某基金管理有限公司	某某基金关于旗下基金参加网上直销费率优惠活动的公告	000000000	Yes	Yes	Yes	Yes	Votable	Yes
217	某某基金管理有限公司	某某基金关于旗下基金参加网上直销费率优惠活动的公告	000000000	Yes	Yes	Yes	Yes	Votable	Yes
218	某某基金管理有限公司	某某基金关于旗下基金参加网上直销费率优惠活动的公告	000000000	Yes	Yes	Yes	Yes	Votable	Yes
201	某某基金管理有限公司	某某基金关于旗下基金参加网上直销费率优惠活动的公告	000000000	Yes	Yes	Yes	Yes	Votable	Yes
202	某某基金管理有限公司	某某基金关于旗下基金参加网上直销费率优惠活动的公告	000000000	Yes	Yes	Yes	Yes	Votable	Yes
203	某某基金管理有限公司	某某基金关于旗下基金参加网上直销费率优惠活动的公告	000000000	Yes	Yes	Yes	Yes	Votable	Yes
204	某某基金管理有限公司	某某基金关于旗下基金参加网上直销费率优惠活动的公告	000000000	Yes	Yes	Yes	Yes	Votable	Yes
205	某某基金管理有限公司	某某基金关于旗下基金参加网上直销费率优惠活动的公告	000000000	Yes	Yes	Yes	Yes	Votable	Yes
206	某某基金管理有限公司	某某基金关于旗下基金参加网上直销费率优惠活动的公告	000000000	Yes	Yes	Yes	Yes	Votable	Yes
207	某某基金管理有限公司	某某基金关于旗下基金参加网上直销费率优惠活动的公告	000000000	Yes	Yes	Yes	Yes	Votable	Yes
208	某某基金管理有限公司	某某基金关于旗下基金参加网上直销费率优惠活动的公告	000000000	Yes	Yes	Yes	Yes	Votable	Yes
209	某某基金管理有限公司	某某基金关于旗下基金参加网上直销费率优惠活动的公告	000000000	Yes	Yes	Yes	Yes	Votable	Yes
210	某某基金管理有限公司	某某基金关于旗下基金参加网上直销费率优惠活动的公告	000000000	Yes	Yes	Yes	Yes	Votable	Yes
211	某某基金管理有限公司	某某基金关于旗下基金参加网上直销费率优惠活动的公告	000000000	Yes	Yes	Yes	Yes	Votable	Yes
212	某某基金管理有限公司	某某基金关于旗下基金参加网上直销费率优惠活动的公告	000000000	Yes	Yes	Yes	Yes	Votable	Yes
213	某某基金管理有限公司	某某基金关于旗下基金参加网上直销费率优惠活动的公告	000000000	Yes	Yes	Yes	Yes	Votable	Yes
214	某某基金管理有限公司	某某基金关于旗下基金参加网上直销费率优惠活动的公告	000000000	Yes	Yes	Yes	Yes	Votable	Yes
215	某某基金管理有限公司	某某基金关于旗下基金参加网上直销费率优惠活动的公告	000000000	Yes	Yes	Yes	Yes	Votable	Yes
216	某某基金管理有限公司	某某基金关于旗下基金参加网上直销费率优惠活动的公告	000000000	Yes	Yes	Yes	Yes	Votable	Yes
217	某某基金管理有限公司	某某基金关于旗下基金参加网上直销费率优惠活动的公告	000000000	Yes	Yes	Yes	Yes	Votable	Yes
218	某某基金管理有限公司	某某基金关于旗下基金参加网上直销费率优惠活动的公告	000000000	Yes	Yes	Yes	Yes	Votable	Yes
219	某某基金管理有限公司	某某基金关于旗下基金参加网上直销费率优惠活动的公告	000000000	Yes	Yes	Yes	Yes	Votable	Yes
220	某某基金管理有限公司	某某基金关于旗下基金参加网上直销费率优惠活动的公告	000000000	Yes	Yes	Yes	Yes	Votable	Yes
221	某某基金管理有限公司	某某基金关于旗下基金参加网上直销费率优惠活动的公告	000000000	Yes	Yes	Yes	Yes	Votable	Yes
222	某某基金管理有限公司	某某基金关于旗下基金参加网上直销费率优惠活动的公告	000000000	Yes	Yes	Yes	Yes	Votable	Yes
223	某某基金管理有限公司	某某基金关于旗下基金参加网上直销费率优惠活动的公告	000000000	Yes	Yes	Yes	Yes	Votable	Yes
224	某某基金管理有限公司	某某基金关于旗下基金参加网上直销费率优惠活动的公告	000000000	Yes	Yes	Yes	Yes	Votable	Yes
225	某某基金管理有限公司	某某基金关于旗下基金参加网上直销费率优惠活动的公告	000000000	Yes	Yes	Yes	Yes	Votable	Yes
226	某某基金管理有限公司	某某基金关于旗下基金参加网上直销费率优惠活动的公告	000000000	Yes	Yes	Yes	Yes	Votable	Yes
227	某某基金管理有限公司	某某基金关于旗下基金参加网上直销费率优惠活动的公告	000000000	Yes	Yes	Yes	Yes	Votable	Yes
228	某某基金管理有限公司	某某基金关于旗下基金参加网上直销费率优惠活动的公告	000000000	Yes	Yes	Yes	Yes	Votable	Yes
229	某某基金管理有限公司	某某基金关于旗下基金参加网上直销费率优惠活动的公告	000000000	Yes	Yes	Yes	Yes	Votable	Yes
230	某某基金管理有限公司	某某基金关于旗下基金参加网上直销费率优惠活动的公告	000000000	Yes	Yes	Yes	Yes	Votable	Yes
231	某某基金管理有限公司	某某基金关于旗下基金参加网上直销费率优惠活动的公告	000000000	Yes	Yes	Yes	Yes	Votable	Yes
232	某某基金管理有限公司	某某基金关于旗下基金参加网上直销费率优惠活动的公告	000000000	Yes	Yes	Yes	Yes	Votable	Yes
233	某某基金管理有限公司	某某基金关于旗下基金参加网上直销费率优惠活动的公告	000000000	Yes	Yes	Yes	Yes	Votable	Yes
234	某某基金管理有限公司	某某基金关于旗下基金参加网上直销费率优惠活动的公告	000000000	Yes	Yes	Yes	Yes	Votable	Yes
235	某某基金管理有限公司	某某基金关于旗下基金参加网上直销费率优惠活动的公告	000000000	Yes	Yes	Yes	Yes	Votable	Yes
236	某某基金管理有限公司	某某基金关于旗下基金参加网上直销费率优惠活动的公告	000000000	Yes	Yes	Yes	Yes	Votable	Yes
237	某某基金管理有限公司	某某基金关于旗下基金参加网上直销费率优惠活动的公告	000000000	Yes	Yes	Yes	Yes	Votable	Yes
238	某某基金管理有限公司	某某基金关于旗下基金参加网上直销费率优惠活动的公告	000000000	Yes	Yes	Yes	Yes	Votable	Yes
239	某某基金管理有限公司	某某基金关于旗下基金参加网上直销费率优惠活动的公告	000000000	Yes	Yes	Yes	Yes	Votable	Yes
240	某某基金管理有限公司	某某基金关于旗下基金参加网上直销费率优惠活动的公告	000000000	Yes	Yes	Yes	Yes	Votable	Yes
241	某某基金管理有限公司	某某基金关于旗下基金参加网上直销费率优惠活动的公告	000000000	Yes	Yes	Yes	Yes	Votable	Yes
242	某某基金管理有限公司	某某基金关于旗下基金参加网上直销费率优惠活动的公告	000000000	Yes	Yes	Yes	Yes	Votable	Yes
243	某某基金管理有限公司	某某基金关于旗下基金参加网上直销费率优惠活动的公告	000000000	Yes	Yes	Yes	Yes	Votable	Yes
244	某某基金管理有限公司	某某基金关于旗下基金参加网上直销费率优惠活动的公告	000000000	Yes	Yes	Yes	Yes	Votable	Yes
245	某某基金管理有限公司	某某基金关于旗下基金参加网上直销费率优惠活动的公告	000000000	Yes	Yes	Yes	Yes	Votable	Yes
246	某某基金管理有限公司	某某基金关于旗下基金参加网上直销费率优惠活动的公告	000000000	Yes	Yes	Yes	Yes	Votable	Yes
247	某某基金管理有限公司	某某基金关于旗下基金参加网上直销费率优惠活动的公告	000000000	Yes	Yes	Yes	Yes	Votable	Yes
248	某某基金管理有限公司	某某基金关于旗下基金参加网上直销费率优惠活动的公告	000000000	Yes	Yes	Yes	Yes	Votable	Yes
249	某某基金管理有限公司	某某基金关于旗下基金参加网上直销费率优惠活动的公告	000000000	Yes	Yes	Yes	Yes	Votable	Yes
250	某某基金管理有限公司	某某基金关于旗下基金参加网上直销费率优惠活动的公告	000000000	Yes	Yes	Yes	Yes	Votable	Yes
251	某某基金管理有限公司	某某基金关于旗下基金参加网上直销费率优惠活动的公告	000000000	Yes	Yes	Yes	Yes	Votable	Yes
252	某某基金管理有限公司	某某基金关于旗下基金参加网上直销费率优惠活动的公告	000000000	Yes	Yes	Yes	Yes	Votable	Yes
253	某某基金管理有限公司	某某基金关于旗下基金参加网上直销费率优惠活动的公告	000000000	Yes	Yes	Yes	Yes	Votable	Yes
254	某某基金管理有限公司	某某基金关于旗下基金参加网上直销费率优惠活动的公告	000000000	Yes	Yes	Yes	Yes	Votable	Yes
255	某某基金管理有限公司	某某基金关于旗下基金参加网上直销费率优惠活动的公告	000000000	Yes	Yes	Yes	Yes	Votable	Yes
256	某某基金管理有限公司	某某基金关于旗下基金参加网上直销费率优惠活动的公告	000000000	Yes	Yes	Yes	Yes	Votable	Yes
257	某某基金管理有限公司	某某基金关于旗下基金参加网上直销费率优惠活动的公告	000000000	Yes	Yes	Yes	Yes	Votable	Yes
258	某某基金管理有限公司	某某基金关于旗下基金参加网上直销费率优惠活动的公告	000000000	Yes	Yes	Yes	Yes	Votable	Yes
259	某某基金管理有限公司	某某基金关于旗下基金参加网上直销费率优惠活动的公告	000000000	Yes	Yes	Yes	Yes	Votable	Yes
260	某某基金管理有限公司	某某基金关于旗下基金参加网上直销费率优惠活动的公告	000000000	Yes	Yes	Yes	Yes	Votable	Yes
261	某某基金管理有限公司	某某基金关于旗下基金参加网上直销费率优惠活动的公告	000000000	Yes	Yes	Yes	Yes	Votable	Yes
262	某某基金管理有限公司	某某基金关于旗下基金参加网上直销费率优惠活动的公告	000000000	Yes	Yes	Yes	Yes	Votable	Yes
263	某某基金管理有限公司	某某基金关于旗下基金参加网上直销费率优惠活动的公告	000000000	Yes	Yes	Yes	Yes	Votable	Yes
264	某某基金管理有限公司	某某基金关于旗下基金参加网上直销费率优惠活动的公告	000000000	Yes	Yes	Yes	Yes	Votable	Yes
265	某某基金管理有限公司	某某基金关于旗下基金参加网上直销费率优惠活动的公告	000000000	Yes	Yes	Yes	Yes	Votable	Yes
266	某某基金管理有限公司	某某基金关于旗下基金参加网上直销费率优惠活动的公告	000000000	Yes	Yes	Yes	Yes	Votable	Yes
267	某某基金管理有限公司	某某基金关于旗下基金参加网上直销费率优惠活动的公告	000000000	Yes	Yes	Yes	Yes	Votable	Yes
268	某某基金管理有限公司	某某基金关于旗下基金参加网上直销费率优惠活动的公告	000000000	Yes	Yes	Yes	Yes	Votable	Yes
269	某某基金管理有限公司	某某基金关于旗下基金参加网上直销费率优惠活动的公告	000000000	Yes	Yes	Yes	Yes	Votable	Yes
270	某某基金管理有限公司	某某基金关于旗下基金参加网上直销费率优惠活动的公告	000000000	Yes	Yes	Yes	Yes	Votable	Yes
271	某某基金管理有限公司	某某基金关于旗下基金参加网上直销费率优惠活动的公告	000000000	Yes	Yes	Yes	Yes	Votable	Yes
272	某某基金管理有限公司	某某基金关于旗下基金参加网上直销费率优惠活动的公告	000000000	Yes	Yes	Yes	Yes	Votable	Yes
273	某某基金管理有限公司	某某基金关于旗下基金参加网上直销费率优惠活动的公告	000000000	Yes	Yes	Yes	Yes	Votable	Yes
274	某某基金管理有限公司	某某基金关于旗下基金参加网上直销费率优惠活动的公告	000000000	Yes	Yes	Yes	Yes	Votable	Yes
275	某某基金管理有限公司	某某基金关于旗下基金参加网上直销费率优惠活动的公告	000000000	Yes	Yes	Yes	Yes	Votable	Yes
276	某某基金管理有限公司	某某基金关于旗下基金参加网上直销费率优惠活动的公告	000000000	Yes	Yes	Yes	Yes	Votable	Yes
277	某某基金管理有限公司	某某基金关于旗下基金参加网上直销费率优惠活动的公告	000000000	Yes	Yes	Yes	Yes	Votable	Yes
278	某某基金管理有限公司	某某基金关于旗下基金参加网上直销费率优惠活动的公告	000000000	Yes	Yes	Yes	Yes	Votable	Yes
279	某某基金管理有限公司	某某基金关于旗下基金参加网上直销费率优惠活动的公告	000000000	Yes	Yes	Yes	Yes	Votable	Yes
280	某某基金管理有限公司	某某基金关于旗下基金参加网上直销费率优惠活动的公告	000000000	Yes	Yes	Yes	Yes	Votable	Yes
281	某某基金管理有限公司	某某基金关于旗下基金参加网上直销费率优惠活动的公告	000000000	Yes	Yes	Yes	Yes	Votable	Yes
282	某某基金管理有限公司	某某基金关于旗下基金参加网上直销费率优惠活动的公告	000000000	Yes	Yes	Yes	Yes	Votable	Yes
283	某某基金管理有限公司	某某基金关于旗下基金参加网上直销费率优惠活动的公告	000000000	Yes	Yes	Yes	Yes	Votable	Yes
284	某某基金管理有限公司	某某基金关于旗下基金参加网上直销费率优惠活动的公告	000000000	Yes	Yes	Yes	Yes	Votable	Yes
285	某某基金管理有限公司	某某基金关于旗下基金参加网上直销费率优惠活动的公告	000000000	Yes	Yes	Yes	Yes	Votable	Yes
286	某某基金管理有限公司	某某基金关于旗下基金参加网上直销费率优惠活动的公告	000000000	Yes	Yes	Yes	Yes	Votable	Yes
287	某某基金管理有限公司	某某基金关于旗下基金参加网上直销费率优惠活动的公告	000000000	Yes	Yes	Yes	Yes	Votable	Yes
288	某某基金管理有限公司	某某基金关于旗下基金参加网上直销费率优惠活动的公告	000000000	Yes	Yes	Yes	Yes	Votable	Yes
289	某某基金管理有限公司	某某基金关于旗下基金参加网上直销费率优惠活动的公告	000000000	Yes	Yes	Yes	Yes	Votable	Yes
290	某某基金管理有限公司	某某基金关于旗下基金参加网上直销费率优惠活动的公告	000000000	Yes	Yes	Yes	Yes	Votable	Yes
291	某某基金管理有限公司	某某基金关于旗下基金参加网上直销费率优惠活动的公告	000000000	Yes	Yes	Yes	Yes	Votable	Yes
292	某某基金管理有限公司	某某基金关于旗下基金参加网上直销费率优惠活动的公告	000000000	Yes	Yes	Yes	Yes	Votable	Yes
293	某某基金管理有限公司	某某基金关于旗下基金参加网上直销费率优惠活动的公告	000000000	Yes	Yes	Yes	Yes	Votable	Yes
294	某某基金管理有限公司	某某基金关于旗下基金参加网上直销费率优惠活动的公告	000000000	Yes	Yes	Yes	Yes	Votable	Yes
295	某某基金管理有限公司	某某基金关于旗下基金参加网上直销费率优惠活动的公告	000000000	Yes	Yes	Yes	Yes	Votable	Yes
296	某某基金管理有限公司	某某基金关于旗下基金参加网上直销费率优惠活动的公告	000000000	Yes	Yes	Yes	Yes	Votable	Yes
297	某某基金管理有限公司	某某基金关于旗下基金参加网上直销费率优惠活动的公告	000000000	Yes	Yes	Yes	Yes	Votable	Yes
298	某某基金管理有限公司	某某基金关于旗下基金参加网上直销费率优惠活动的公告	000000000	Yes	Yes	Yes	Yes	Votable	Yes
299	某某基金管理有限公司	某某基金关于旗下基金参加网上直销费率优惠活动的公告	000000000	Yes	Yes	Yes	Yes	Votable	Yes
300	某某基金管理有限公司	某某基金关于旗下基金参加网上直销费率优惠活动的公告	000000000	Yes	Yes	Yes	Yes	Votable	Yes
301	某某基金管理有限公司	某某基金关于旗下基金参加网上直销费率优惠活动的公告	000000000	Yes	Yes	Yes	Yes	Votable	Yes
302	某某基金管理有限公司	某某基金关于旗下基金参加网上直销费率优惠活动的公告	000000000	Yes	Yes	Yes	Yes	Votable	Yes
303	某某基金管理有限公司	某某基金关于旗下基金参加网上直销费率优惠活动的公告	000000000	Yes	Yes	Yes	Yes	Votable	Yes
304	某某基金管理有限公司	某某基金关于旗下基金参加网上直销费率优惠活动的公告	000000000	Yes	Yes	Yes	Yes	Votable	Yes
305	某某基金管理有限公司	某某基金关于旗下基金参加网上直销费率优惠活动的公告	000000000	Yes	Yes	Yes	Yes	Votable	Yes
306	某某基金管理有限公司	某某基金关于旗下基金参加网上直销费率优惠活动的公告	000000000	Yes	Yes	Yes	Yes	Votable	Yes
307	某某基金管理有限公司	某某基金关于旗下基金参加网上直销费率优惠活动的公告	000000000	Yes	Yes	Yes	Yes	Votable	Yes
308	某某基金管理有限公司	某某基金关于旗下基金参加网上直销费率优惠活动的公告	000000000	Yes	Yes	Yes	Yes	Votable	Yes
309	某某基金管理有限公司	某某基金关于旗下基金参加网上直销费率优惠活动的公告	000000000	Yes	Yes	Yes	Yes	Votable	Yes
310	某某基金管理有限公司	某某基金关于旗下基金参加网上直销费率优惠活动的公告	000000000	Yes	Yes	Yes	Yes	Votable	Yes
311	某某基金管理有限公司	某某基金关于旗下基金参加网上直销费率优惠活动的公告	000000000	Yes	Yes	Yes	Yes	Votable	Yes
312	某某基金管理有限公司	某某基金关于旗下基金参加网上直销费率优惠活动的公告	000000000	Yes	Yes	Yes	Yes	Votable	Yes
313	某某基金管理有限公司	某某基金关于旗下基金参加网上直销费率优惠活动的公告	000000000	Yes	Yes	Yes	Yes	Votable	Yes
314	某某基金管理有限公司	某某基金关于旗下基金参加网上直销费率优惠活动的公告	000000000	Yes	Yes	Yes	Yes	Votable	Yes
315	某某基金管理有限公司	某某基金关于旗下基金参加网上直销费率优惠活动的公告	000000000	Yes	Yes	Yes	Yes	Votable	Yes
316	某某基金管理有限公司	某某基金关于旗下基金参加网上直销费率优惠活动的公告	000000000	Yes	Yes	Yes	Yes	Votable	Yes
317	某某基金管理有限公司	某某基金关于旗下基金参加网上直销费率优惠活动的公告	000000000	Yes	Yes	Yes	Yes	Votable	Yes
318	某某基金管理有限公司	某某基金关于旗下基金参加网上直销费率优惠活动的公告	000000000	Yes	Yes	Yes	Yes	Votable	Yes
(下转A30版)
